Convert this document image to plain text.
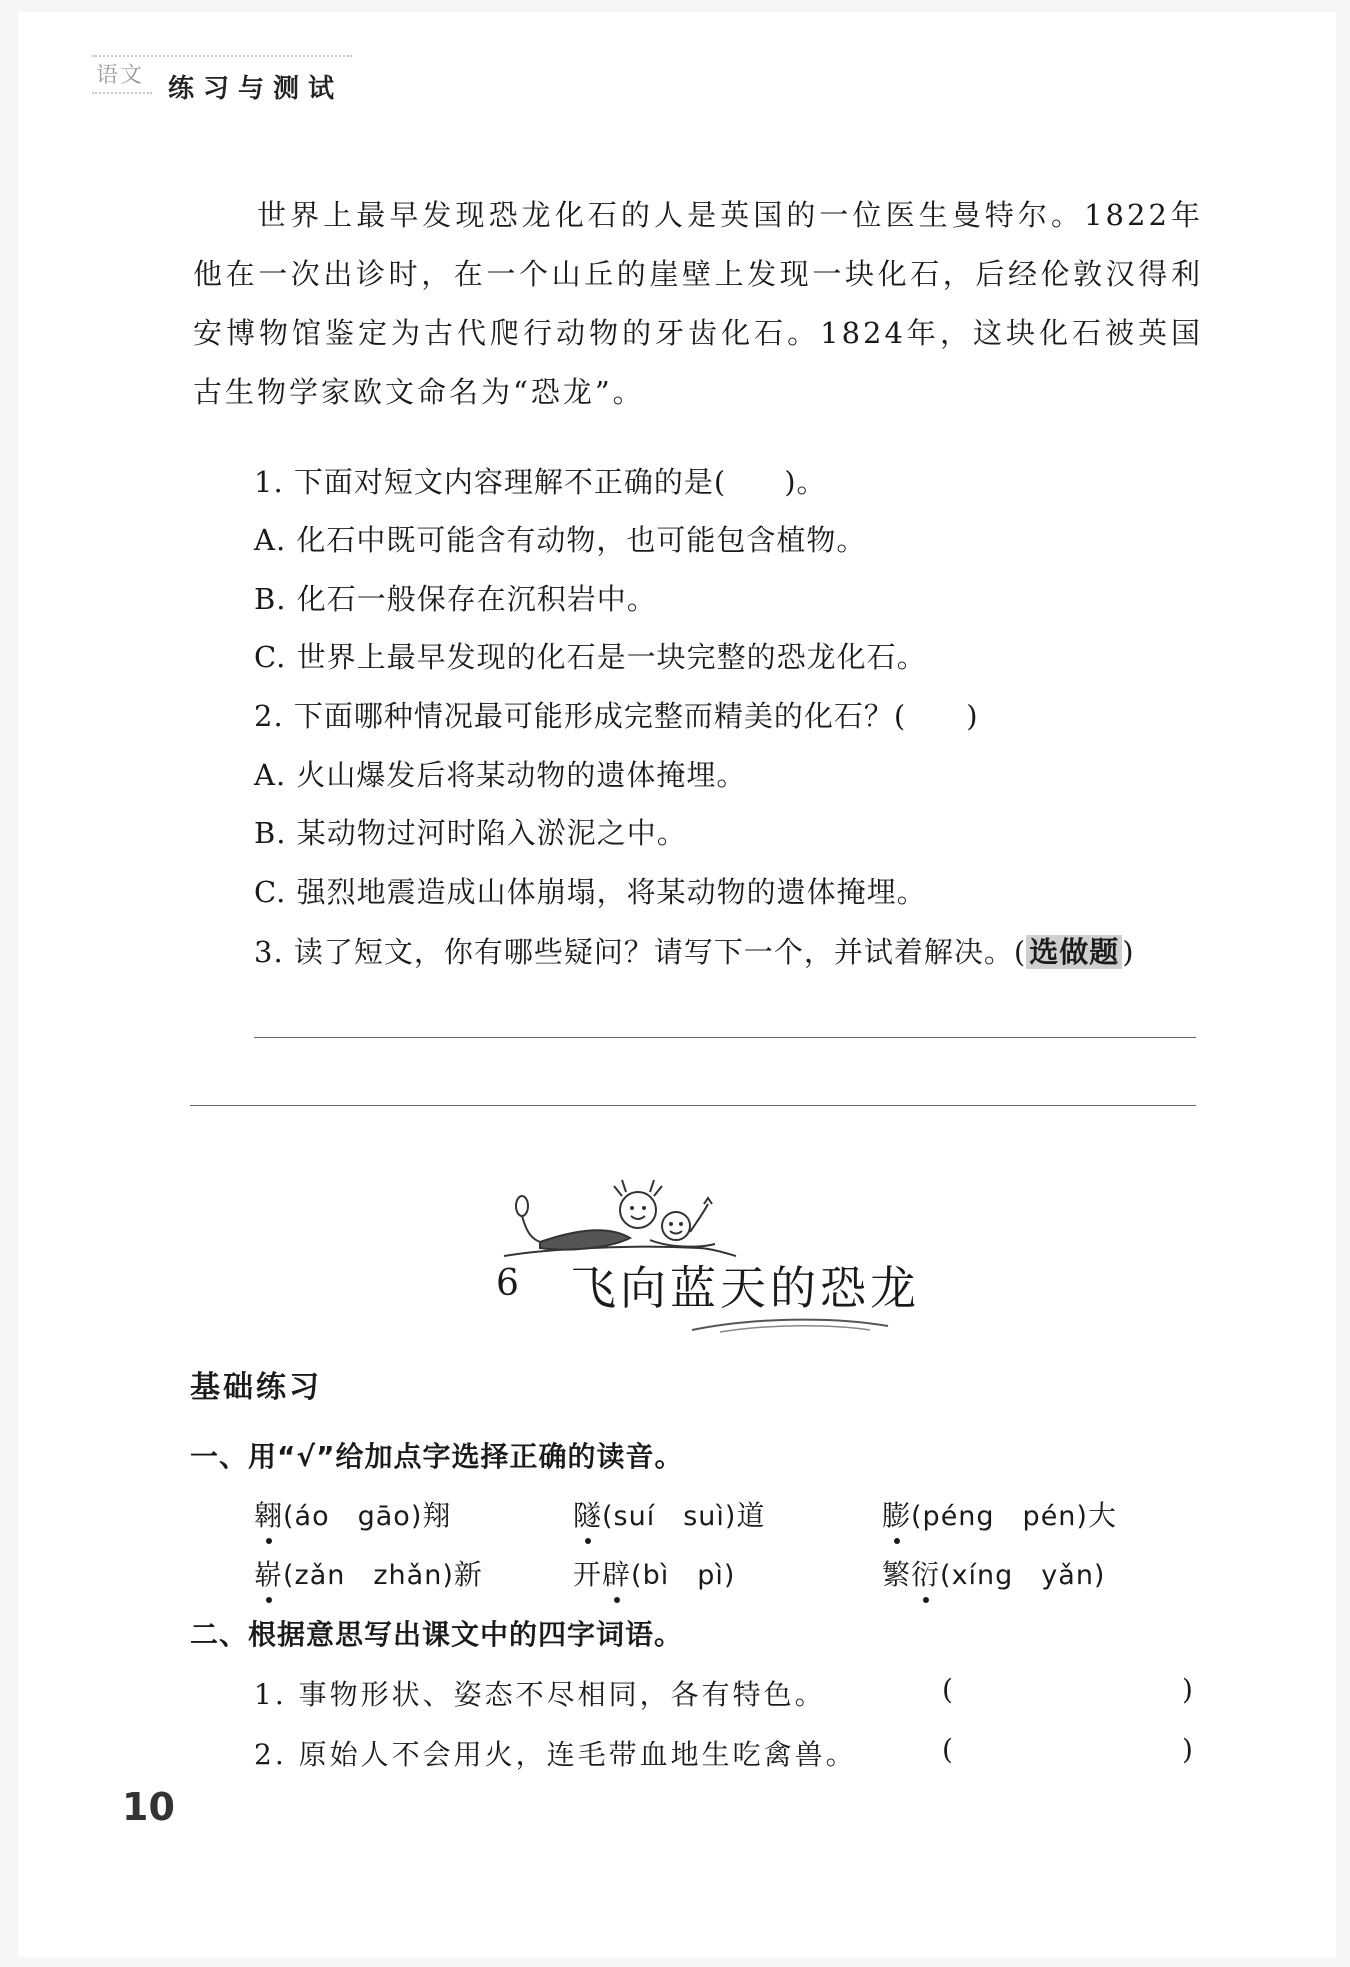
语文 练习与测试

世界上最早发现恐龙化石的人是英国的一位医生曼特尔。1822年他在一次出诊时，在一个山丘的崖壁上发现一块化石，后经伦敦汉得利安博物馆鉴定为古代爬行动物的牙齿化石。1824年，这块化石被英国古生物学家欧文命名为“恐龙”。

1. 下面对短文内容理解不正确的是( )。
A. 化石中既可能含有动物，也可能包含植物。
B. 化石一般保存在沉积岩中。
C. 世界上最早发现的化石是一块完整的恐龙化石。
2. 下面哪种情况最可能形成完整而精美的化石？( )
A. 火山爆发后将某动物的遗体掩埋。
B. 某动物过河时陷入淤泥之中。
C. 强烈地震造成山体崩塌，将某动物的遗体掩埋。
3. 读了短文，你有哪些疑问？请写下一个，并试着解决。( 选做题 )
6 飞向蓝天的恐龙
基础练习
一、用“√”给加点字选择正确的读音。
翱(áo　gāo)翔	隧(suí　suì)道	膨(péng　pén)大
崭(zǎn　zhǎn)新	开辟(bì　pì)	繁衍(xíng　yǎn)
二、根据意思写出课文中的四字词语。
1. 事物形状、姿态不尽相同，各有特色。	(	)
2. 原始人不会用火，连毛带血地生吃禽兽。	(	)
10
